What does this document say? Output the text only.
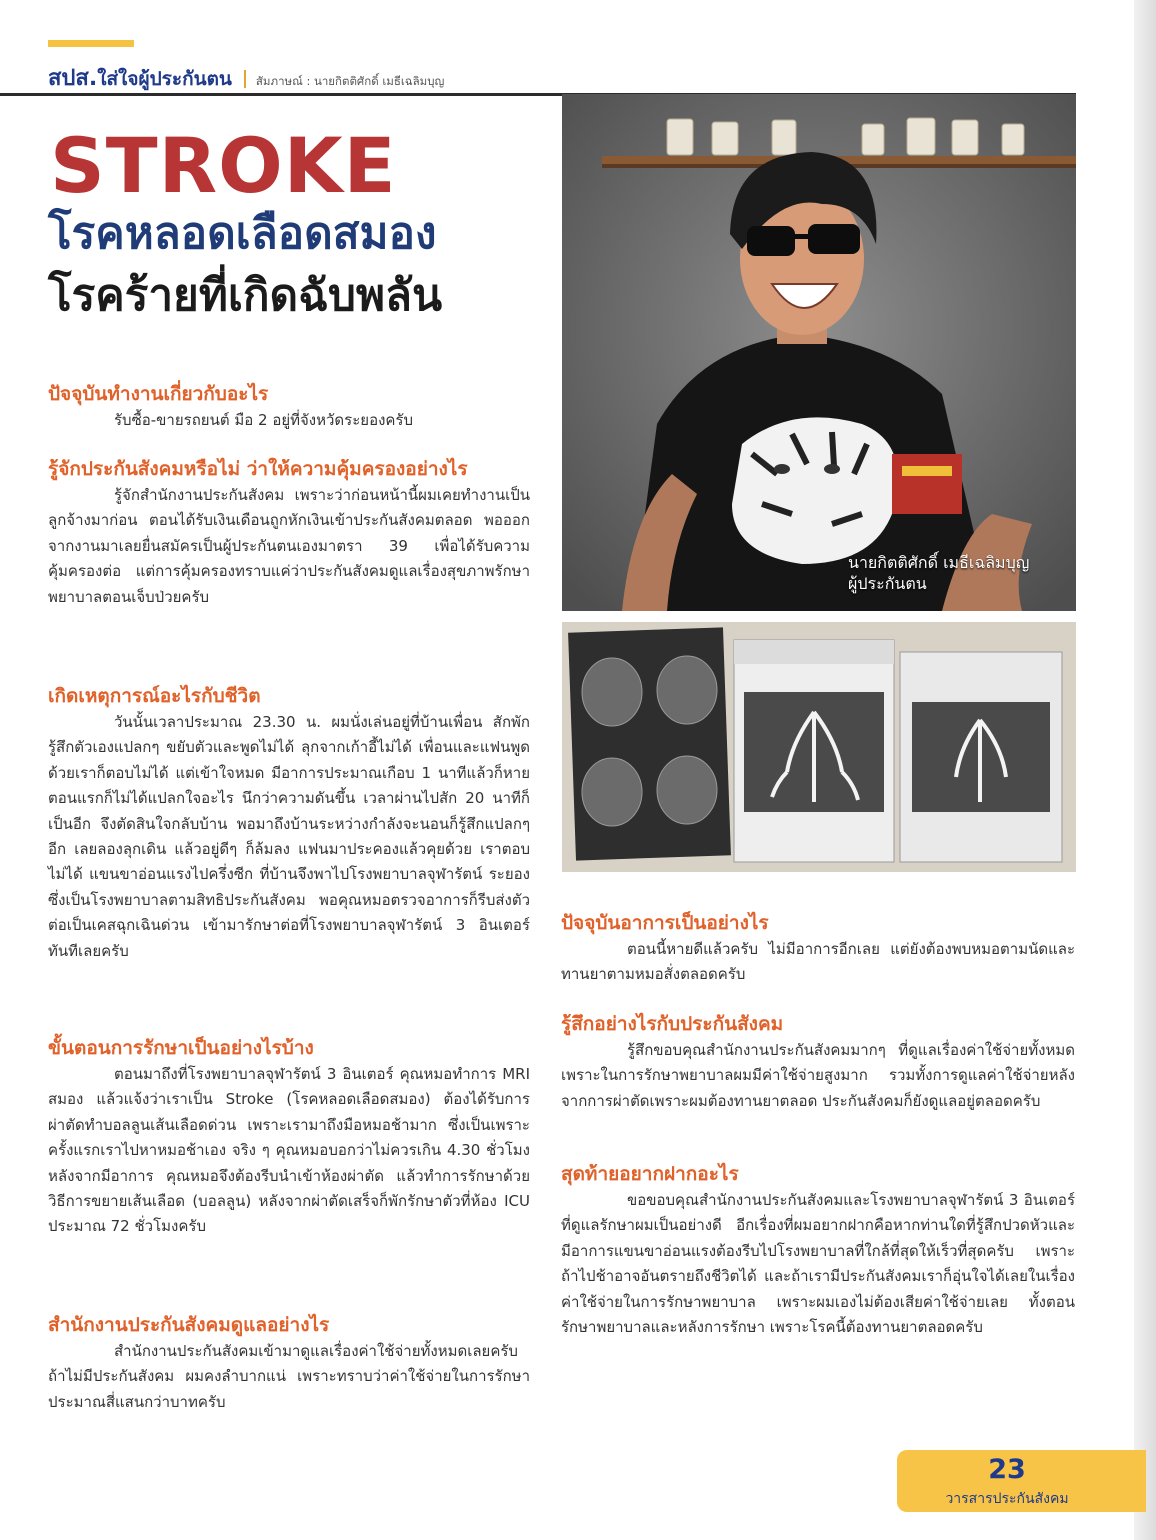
สปส. ใส่ใจผู้ประกันตน สัมภาษณ์ : นายกิตติศักดิ์ เมธีเฉลิมบุญ
STROKE
โรคหลอดเลือดสมอง
โรคร้ายที่เกิดฉับพลัน
ปัจจุบันทำงานเกี่ยวกับอะไร

รับซื้อ-ขายรถยนต์ มือ 2 อยู่ที่จังหวัดระยองครับ

รู้จักประกันสังคมหรือไม่ ว่าให้ความคุ้มครองอย่างไร

รู้จักสำนักงานประกันสังคม เพราะว่าก่อนหน้านี้ผมเคยทำงานเป็นลูกจ้างมาก่อน ตอนได้รับเงินเดือนถูกหักเงินเข้าประกันสังคมตลอด พอออกจากงานมาเลยยื่นสมัครเป็นผู้ประกันตนเองมาตรา 39 เพื่อได้รับความคุ้มครองต่อ แต่การคุ้มครองทราบแค่ว่าประกันสังคมดูแลเรื่องสุขภาพรักษาพยาบาลตอนเจ็บป่วยครับ

เกิดเหตุการณ์อะไรกับชีวิต

วันนั้นเวลาประมาณ 23.30 น. ผมนั่งเล่นอยู่ที่บ้านเพื่อน สักพักรู้สึกตัวเองแปลกๆ ขยับตัวและพูดไม่ได้ ลุกจากเก้าอี้ไม่ได้ เพื่อนและแฟนพูดด้วยเราก็ตอบไม่ได้ แต่เข้าใจหมด มีอาการประมาณเกือบ 1 นาทีแล้วก็หาย ตอนแรกก็ไม่ได้แปลกใจอะไร นึกว่าความดันขึ้น เวลาผ่านไปสัก 20 นาทีก็เป็นอีก จึงตัดสินใจกลับบ้าน พอมาถึงบ้านระหว่างกำลังจะนอนก็รู้สึกแปลกๆ อีก เลยลองลุกเดิน แล้วอยู่ดีๆ ก็ล้มลง แฟนมาประคองแล้วคุยด้วย เราตอบไม่ได้ แขนขาอ่อนแรงไปครึ่งซีก ที่บ้านจึงพาไปโรงพยาบาลจุฬารัตน์ ระยอง ซึ่งเป็นโรงพยาบาลตามสิทธิประกันสังคม พอคุณหมอตรวจอาการก็รีบส่งตัวต่อเป็นเคสฉุกเฉินด่วน เข้ามารักษาต่อที่โรงพยาบาลจุฬารัตน์ 3 อินเตอร์ ทันทีเลยครับ

ขั้นตอนการรักษาเป็นอย่างไรบ้าง

ตอนมาถึงที่โรงพยาบาลจุฬารัตน์ 3 อินเตอร์ คุณหมอทำการ MRI สมอง แล้วแจ้งว่าเราเป็น Stroke (โรคหลอดเลือดสมอง) ต้องได้รับการผ่าตัดทำบอลลูนเส้นเลือดด่วน เพราะเรามาถึงมือหมอช้ามาก ซึ่งเป็นเพราะครั้งแรกเราไปหาหมอช้าเอง จริง ๆ คุณหมอบอกว่าไม่ควรเกิน 4.30 ชั่วโมงหลังจากมีอาการ คุณหมอจึงต้องรีบนำเข้าห้องผ่าตัด แล้วทำการรักษาด้วยวิธีการขยายเส้นเลือด (บอลลูน) หลังจากผ่าตัดเสร็จก็พักรักษาตัวที่ห้อง ICU ประมาณ 72 ชั่วโมงครับ

สำนักงานประกันสังคมดูแลอย่างไร

สำนักงานประกันสังคมเข้ามาดูแลเรื่องค่าใช้จ่ายทั้งหมดเลยครับ ถ้าไม่มีประกันสังคม ผมคงลำบากแน่ เพราะทราบว่าค่าใช้จ่ายในการรักษาประมาณสี่แสนกว่าบาทครับ

นายกิตติศักดิ์ เมธีเฉลิมบุญ
ผู้ประกันตน
ปัจจุบันอาการเป็นอย่างไร

ตอนนี้หายดีแล้วครับ ไม่มีอาการอีกเลย แต่ยังต้องพบหมอตามนัดและทานยาตามหมอสั่งตลอดครับ

รู้สึกอย่างไรกับประกันสังคม

รู้สึกขอบคุณสำนักงานประกันสังคมมากๆ ที่ดูแลเรื่องค่าใช้จ่ายทั้งหมด เพราะในการรักษาพยาบาลผมมีค่าใช้จ่ายสูงมาก รวมทั้งการดูแลค่าใช้จ่ายหลังจากการผ่าตัดเพราะผมต้องทานยาตลอด ประกันสังคมก็ยังดูแลอยู่ตลอดครับ

สุดท้ายอยากฝากอะไร

ขอขอบคุณสำนักงานประกันสังคมและโรงพยาบาลจุฬารัตน์ 3 อินเตอร์ ที่ดูแลรักษาผมเป็นอย่างดี อีกเรื่องที่ผมอยากฝากคือหากท่านใดที่รู้สึกปวดหัวและมีอาการแขนขาอ่อนแรงต้องรีบไปโรงพยาบาลที่ใกล้ที่สุดให้เร็วที่สุดครับ เพราะถ้าไปช้าอาจอันตรายถึงชีวิตได้ และถ้าเรามีประกันสังคมเราก็อุ่นใจได้เลยในเรื่องค่าใช้จ่ายในการรักษาพยาบาล เพราะผมเองไม่ต้องเสียค่าใช้จ่ายเลย ทั้งตอนรักษาพยาบาลและหลังการรักษา เพราะโรคนี้ต้องทานยาตลอดครับ

23
วารสารประกันสังคม
